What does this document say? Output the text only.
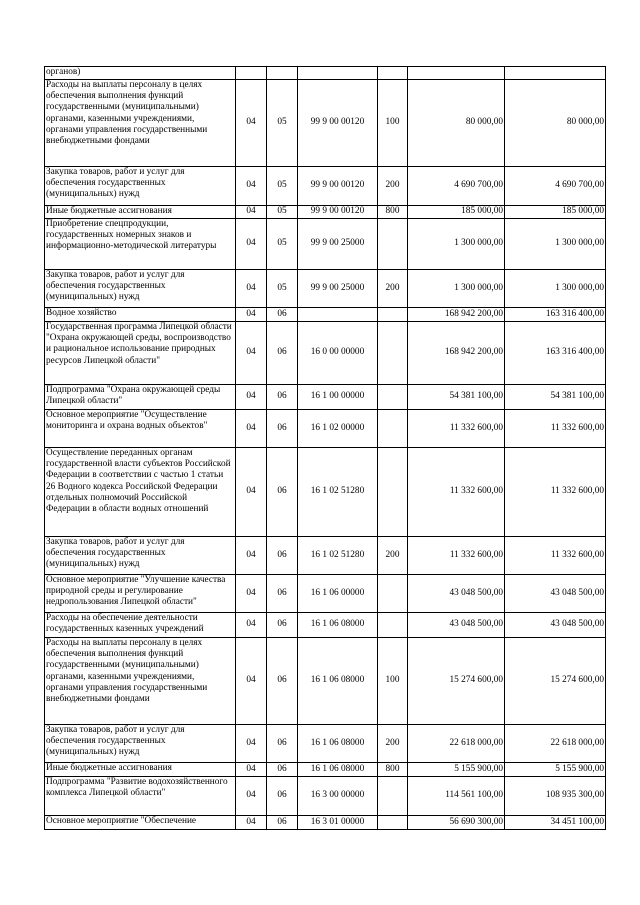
органов)						
Расходы на выплаты персоналу в целях обеспечения выполнения функций государственными (муниципальными) органами, казенными учреждениями, органами управления государственными внебюджетными фондами	04	05	99 9 00 00120	100	80 000,00	80 000,00
Закупка товаров, работ и услуг для обеспечения государственных (муниципальных) нужд	04	05	99 9 00 00120	200	4 690 700,00	4 690 700,00
Иные бюджетные ассигнования	04	05	99 9 00 00120	800	185 000,00	185 000,00
Приобретение спецпродукции, государственных номерных знаков и информационно-методической литературы	04	05	99 9 00 25000		1 300 000,00	1 300 000,00
Закупка товаров, работ и услуг для обеспечения государственных (муниципальных) нужд	04	05	99 9 00 25000	200	1 300 000,00	1 300 000,00
Водное хозяйство	04	06			168 942 200,00	163 316 400,00
Государственная программа Липецкой области "Охрана окружающей среды, воспроизводство и рациональное использование природных ресурсов Липецкой области"	04	06	16 0 00 00000		168 942 200,00	163 316 400,00
Подпрограмма "Охрана окружающей среды Липецкой области"	04	06	16 1 00 00000		54 381 100,00	54 381 100,00
Основное мероприятие "Осуществление мониторинга и охрана водных объектов"	04	06	16 1 02 00000		11 332 600,00	11 332 600,00
Осуществление переданных органам государственной власти субъектов Российской Федерации в соответствии с частью 1 статьи 26 Водного кодекса Российской Федерации отдельных полномочий Российской Федерации в области водных отношений	04	06	16 1 02 51280		11 332 600,00	11 332 600,00
Закупка товаров, работ и услуг для обеспечения государственных (муниципальных) нужд	04	06	16 1 02 51280	200	11 332 600,00	11 332 600,00
Основное мероприятие "Улучшение качества природной среды и регулирование недропользования Липецкой области"	04	06	16 1 06 00000		43 048 500,00	43 048 500,00
Расходы на обеспечение деятельности государственных казенных учреждений	04	06	16 1 06 08000		43 048 500,00	43 048 500,00
Расходы на выплаты персоналу в целях обеспечения выполнения функций государственными (муниципальными) органами, казенными учреждениями, органами управления государственными внебюджетными фондами	04	06	16 1 06 08000	100	15 274 600,00	15 274 600,00
Закупка товаров, работ и услуг для обеспечения государственных (муниципальных) нужд	04	06	16 1 06 08000	200	22 618 000,00	22 618 000,00
Иные бюджетные ассигнования	04	06	16 1 06 08000	800	5 155 900,00	5 155 900,00
Подпрограмма "Развитие водохозяйственного комплекса Липецкой области"	04	06	16 3 00 00000		114 561 100,00	108 935 300,00
Основное мероприятие "Обеспечение	04	06	16 3 01 00000		56 690 300,00	34 451 100,00
